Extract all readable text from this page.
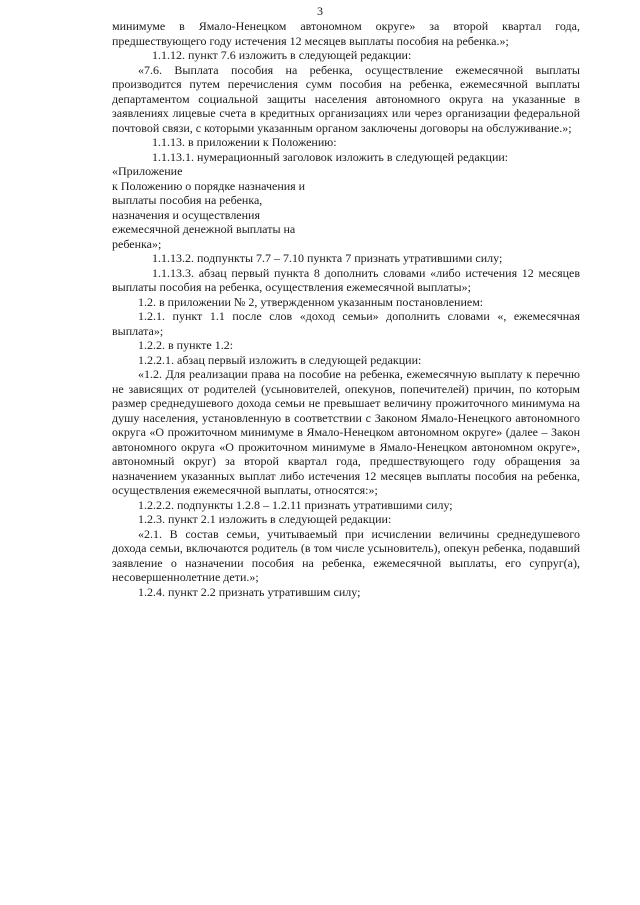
3

минимуме в Ямало-Ненецком автономном округе» за второй квартал года, предшествующего году истечения 12 месяцев выплаты пособия на ребенка.»;

1.1.12. пункт 7.6 изложить в следующей редакции:

«7.6. Выплата пособия на ребенка, осуществление ежемесячной выплаты производится путем перечисления сумм пособия на ребенка, ежемесячной выплаты департаментом социальной защиты населения автономного округа на указанные в заявлениях лицевые счета в кредитных организациях или через организации федеральной почтовой связи, с которыми указанным органом заключены договоры на обслуживание.»;

1.1.13. в приложении к Положению:

1.1.13.1. нумерационный заголовок изложить в следующей редакции:

«Приложение

к Положению о порядке назначения и

выплаты пособия на ребенка,

назначения и осуществления

ежемесячной денежной выплаты на

ребенка»;

1.1.13.2. подпункты 7.7 – 7.10 пункта 7 признать утратившими силу;

1.1.13.3. абзац первый пункта 8 дополнить словами «либо истечения 12 месяцев выплаты пособия на ребенка, осуществления ежемесячной выплаты»;

1.2. в приложении № 2, утвержденном указанным постановлением:

1.2.1. пункт 1.1 после слов «доход семьи» дополнить словами «, ежемесячная выплата»;

1.2.2. в пункте 1.2:

1.2.2.1. абзац первый изложить в следующей редакции:

«1.2. Для реализации права на пособие на ребенка, ежемесячную выплату к перечню не зависящих от родителей (усыновителей, опекунов, попечителей) причин, по которым размер среднедушевого дохода семьи не превышает величину прожиточного минимума на душу населения, установленную в соответствии с Законом Ямало-Ненецкого автономного округа «О прожиточном минимуме в Ямало-Ненецком автономном округе» (далее – Закон автономного округа «О прожиточном минимуме в Ямало-Ненецком автономном округе», автономный округ) за второй квартал года, предшествующего году обращения за назначением указанных выплат либо истечения 12 месяцев выплаты пособия на ребенка, осуществления ежемесячной выплаты, относятся:»;

1.2.2.2. подпункты 1.2.8 – 1.2.11 признать утратившими силу;

1.2.3. пункт 2.1 изложить в следующей редакции:

«2.1. В состав семьи, учитываемый при исчислении величины среднедушевого дохода семьи, включаются родитель (в том числе усыновитель), опекун ребенка, подавший заявление о назначении пособия на ребенка, ежемесячной выплаты, его супруг(а), несовершеннолетние дети.»;

1.2.4. пункт 2.2 признать утратившим силу;
